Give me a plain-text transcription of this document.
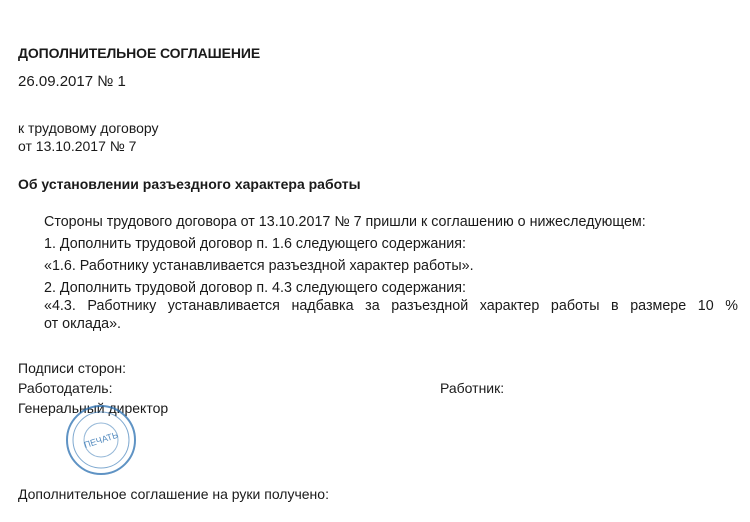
ДОПОЛНИТЕЛЬНОЕ СОГЛАШЕНИЕ
26.09.2017 № 1
к трудовому договору
от 13.10.2017 № 7
Об установлении разъездного характера работы
Стороны трудового договора от 13.10.2017 № 7 пришли к соглашению о нижеследующем:
1. Дополнить трудовой договор п. 1.6 следующего содержания:
«1.6. Работнику устанавливается разъездной характер работы».
2. Дополнить трудовой договор п. 4.3 следующего содержания:
«4.3. Работнику устанавливается надбавка за разъездной характер работы в размере 10 %
от оклада».
Подписи сторон:
Работодатель:
Генеральный директор
Работник:
ПЕЧАТЬ
Дополнительное соглашение на руки получено:
